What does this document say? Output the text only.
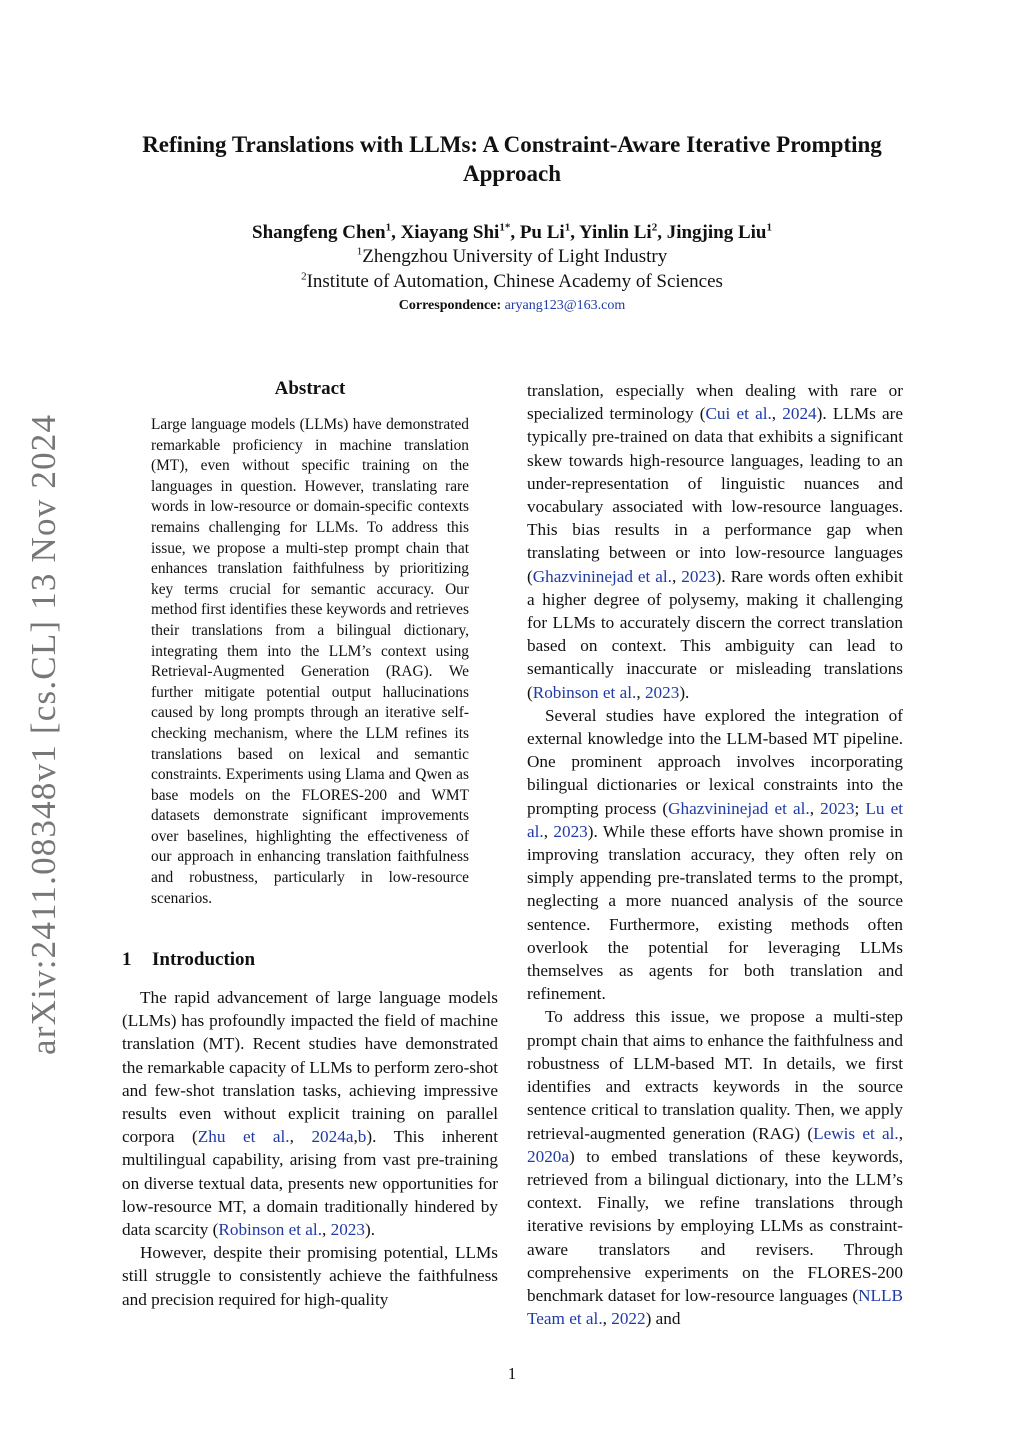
arXiv:2411.08348v1 [cs.CL] 13 Nov 2024
Refining Translations with LLMs: A Constraint-Aware Iterative Prompting Approach
Shangfeng Chen$^1$, Xiayang Shi$^{1*}$, Pu Li$^1$, Yinlin Li$^2$, Jingjing Liu$^1$
$^1$Zhengzhou University of Light Industry
$^2$Institute of Automation, Chinese Academy of Sciences
Correspondence: aryang123@163.com
Abstract
Large language models (LLMs) have demonstrated remarkable proficiency in machine translation (MT), even without specific training on the languages in question. However, translating rare words in low-resource or domain-specific contexts remains challenging for LLMs. To address this issue, we propose a multi-step prompt chain that enhances translation faithfulness by prioritizing key terms crucial for semantic accuracy. Our method first identifies these keywords and retrieves their translations from a bilingual dictionary, integrating them into the LLM’s context using Retrieval-Augmented Generation (RAG). We further mitigate potential output hallucinations caused by long prompts through an iterative self-checking mechanism, where the LLM refines its translations based on lexical and semantic constraints. Experiments using Llama and Qwen as base models on the FLORES-200 and WMT datasets demonstrate significant improvements over baselines, highlighting the effectiveness of our approach in enhancing translation faithfulness and robustness, particularly in low-resource scenarios.
1 Introduction

The rapid advancement of large language models (LLMs) has profoundly impacted the field of machine translation (MT). Recent studies have demonstrated the remarkable capacity of LLMs to perform zero-shot and few-shot translation tasks, achieving impressive results even without explicit training on parallel corpora (Zhu et al., 2024a,b). This inherent multilingual capability, arising from vast pre-training on diverse textual data, presents new opportunities for low-resource MT, a domain traditionally hindered by data scarcity (Robinson et al., 2023).

However, despite their promising potential, LLMs still struggle to consistently achieve the faithfulness and precision required for high-quality

translation, especially when dealing with rare or specialized terminology (Cui et al., 2024). LLMs are typically pre-trained on data that exhibits a significant skew towards high-resource languages, leading to an under-representation of linguistic nuances and vocabulary associated with low-resource languages. This bias results in a performance gap when translating between or into low-resource languages (Ghazvininejad et al., 2023). Rare words often exhibit a higher degree of polysemy, making it challenging for LLMs to accurately discern the correct translation based on context. This ambiguity can lead to semantically inaccurate or misleading translations (Robinson et al., 2023).

Several studies have explored the integration of external knowledge into the LLM-based MT pipeline. One prominent approach involves incorporating bilingual dictionaries or lexical constraints into the prompting process (Ghazvininejad et al., 2023; Lu et al., 2023). While these efforts have shown promise in improving translation accuracy, they often rely on simply appending pre-translated terms to the prompt, neglecting a more nuanced analysis of the source sentence. Furthermore, existing methods often overlook the potential for leveraging LLMs themselves as agents for both translation and refinement.

To address this issue, we propose a multi-step prompt chain that aims to enhance the faithfulness and robustness of LLM-based MT. In details, we first identifies and extracts keywords in the source sentence critical to translation quality. Then, we apply retrieval-augmented generation (RAG) (Lewis et al., 2020a) to embed translations of these keywords, retrieved from a bilingual dictionary, into the LLM’s context. Finally, we refine translations through iterative revisions by employing LLMs as constraint-aware translators and revisers. Through comprehensive experiments on the FLORES-200 benchmark dataset for low-resource languages (NLLB Team et al., 2022) and

1
